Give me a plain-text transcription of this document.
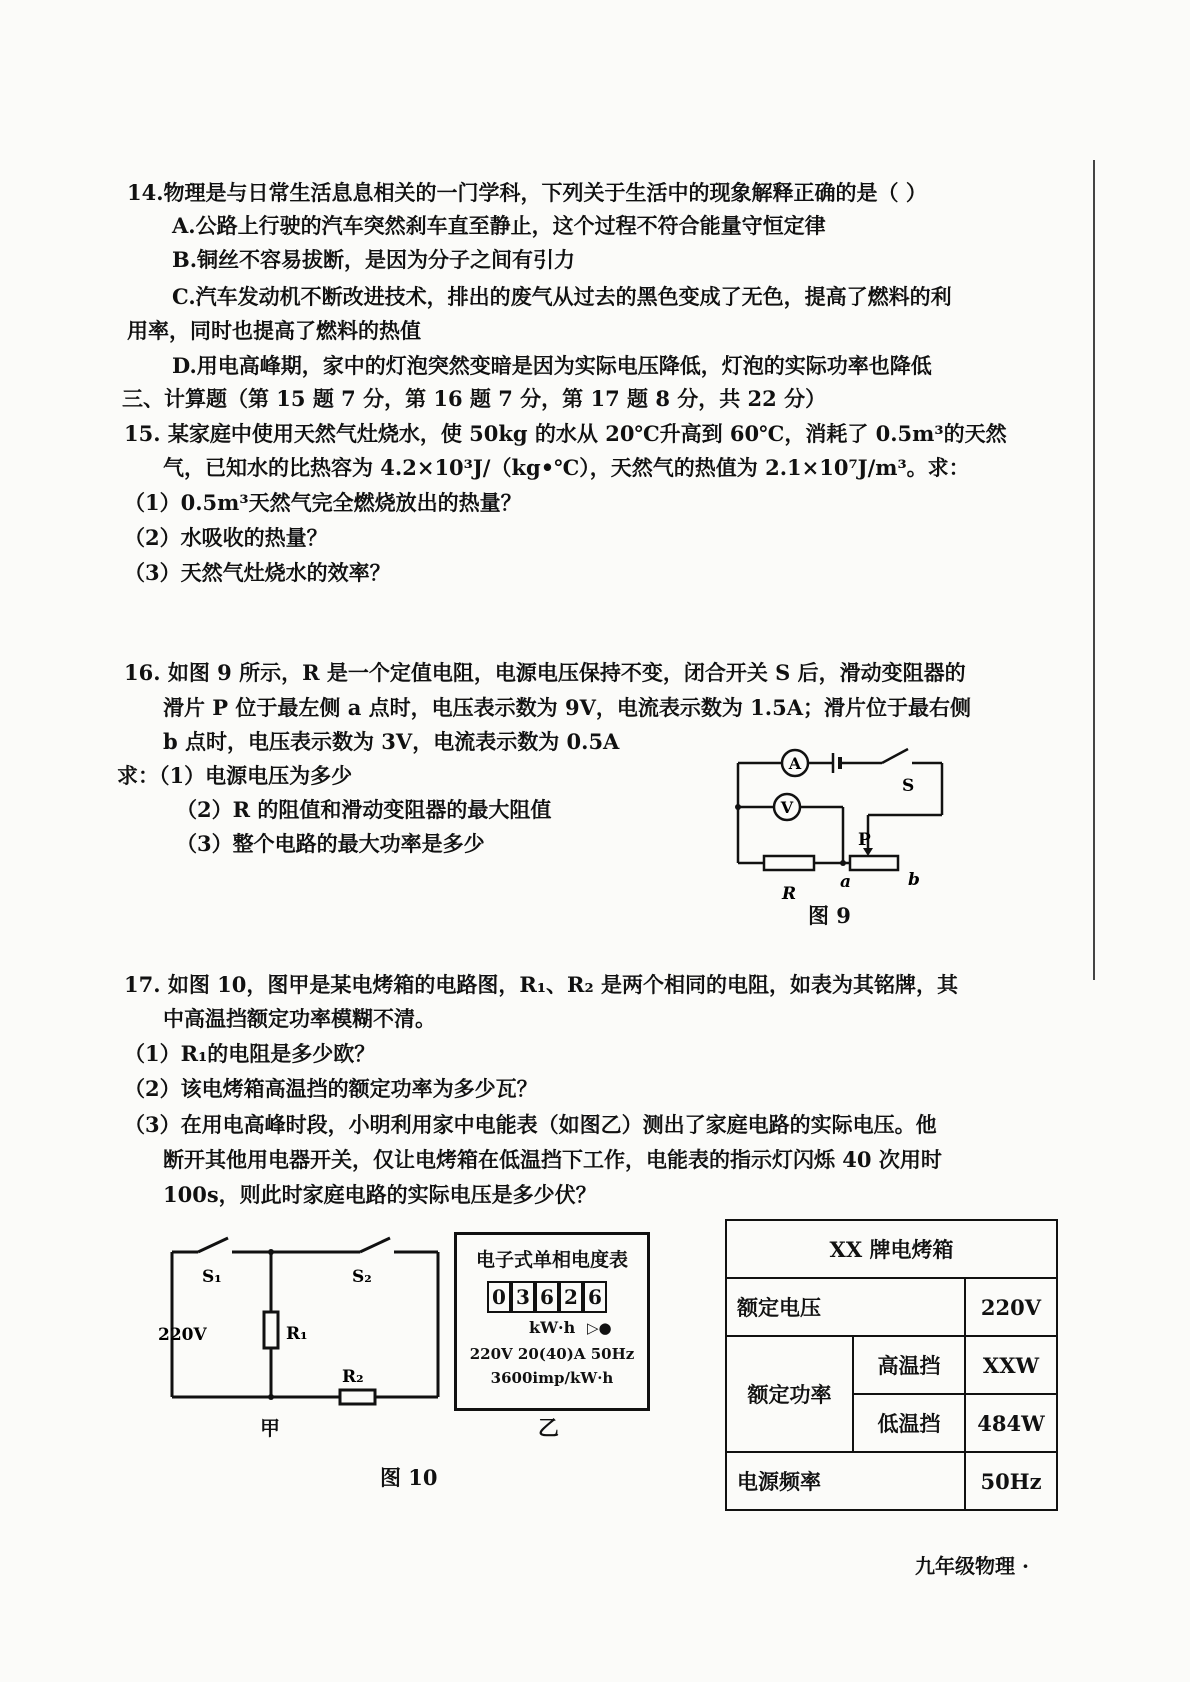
14.物理是与日常生活息息相关的一门学科，下列关于生活中的现象解释正确的是（ ）
A.公路上行驶的汽车突然刹车直至静止，这个过程不符合能量守恒定律
B.铜丝不容易拔断，是因为分子之间有引力
C.汽车发动机不断改进技术，排出的废气从过去的黑色变成了无色，提高了燃料的利
用率，同时也提高了燃料的热值
D.用电高峰期，家中的灯泡突然变暗是因为实际电压降低，灯泡的实际功率也降低
三、计算题（第 15 题 7 分，第 16 题 7 分，第 17 题 8 分，共 22 分）
15. 某家庭中使用天然气灶烧水，使 50kg 的水从 20℃升高到 60℃，消耗了 0.5m³的天然
气，已知水的比热容为 4.2×10³J/（kg•℃），天然气的热值为 2.1×10⁷J/m³。求：
（1）0.5m³天然气完全燃烧放出的热量？
（2）水吸收的热量？
（3）天然气灶烧水的效率？
16. 如图 9 所示，R 是一个定值电阻，电源电压保持不变，闭合开关 S 后，滑动变阻器的
滑片 P 位于最左侧 a 点时，电压表示数为 9V，电流表示数为 1.5A；滑片位于最右侧
b 点时，电压表示数为 3V，电流表示数为 0.5A
求：（1）电源电压为多少
（2）R 的阻值和滑动变阻器的最大阻值
（3）整个电路的最大功率是多少
A
V
S
P
a	b
R
图 9
17. 如图 10，图甲是某电烤箱的电路图，R₁、R₂ 是两个相同的电阻，如表为其铭牌，其
中高温挡额定功率模糊不清。
（1）R₁的电阻是多少欧？
（2）该电烤箱高温挡的额定功率为多少瓦？
（3）在用电高峰时段，小明利用家中电能表（如图乙）测出了家庭电路的实际电压。他
断开其他用电器开关，仅让电烤箱在低温挡下工作，电能表的指示灯闪烁 40 次用时
100s，则此时家庭电路的实际电压是多少伏？
S₁	S₂
R₁
R₂
220V
甲
电子式单相电度表
0 3 6 2 6
kW·h ▷●
220V 20(40)A 50Hz
3600imp/kW·h
乙
图 10
XX 牌电烤箱		
额定电压		220V
额定功率	高温挡	XXW
	低温挡	484W
电源频率		50Hz
九年级物理 ·
